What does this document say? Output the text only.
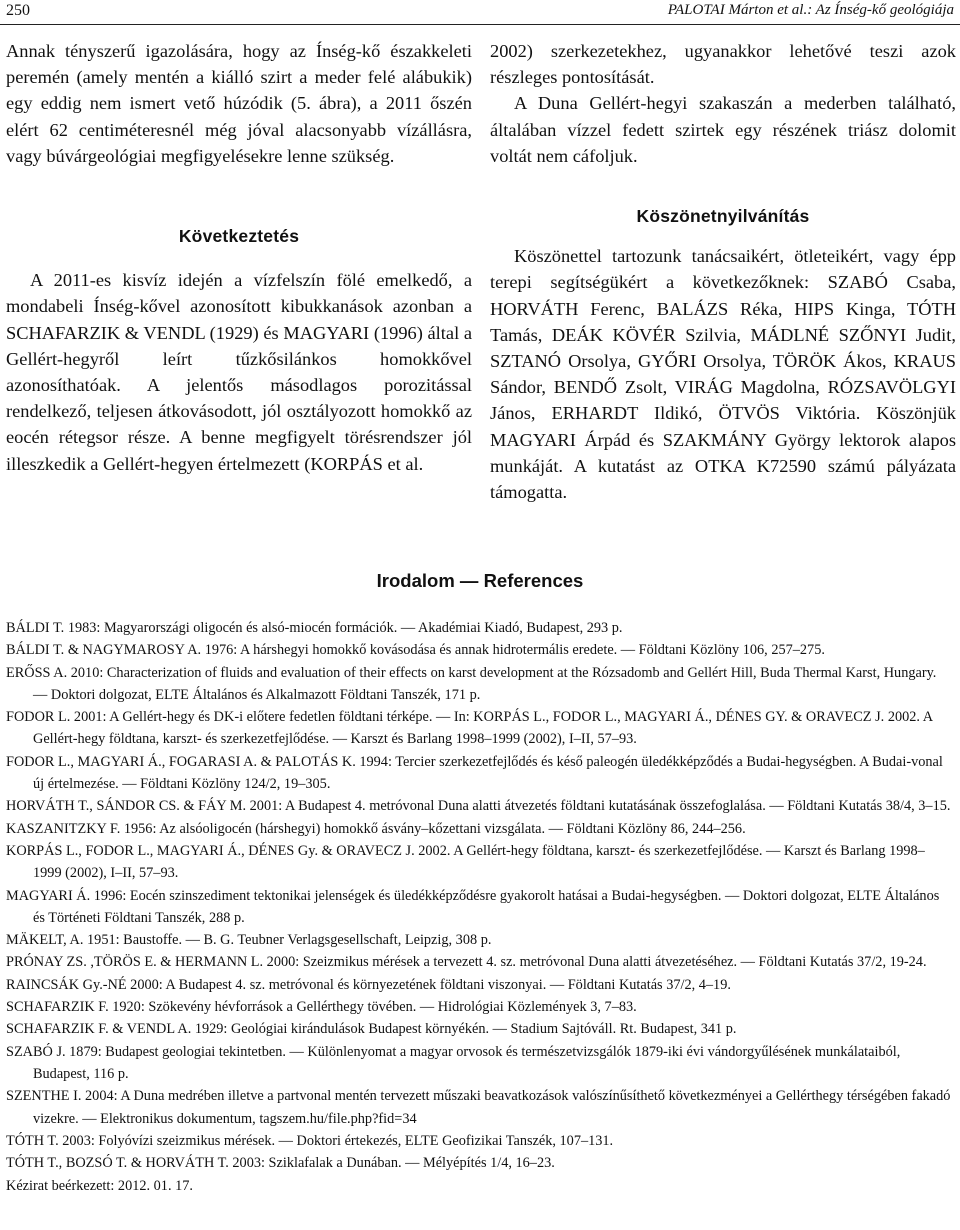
250	PALOTAI Márton et al.: Az Ínség-kő geológiája

Annak tényszerű igazolására, hogy az Ínség-kő északkeleti peremén (amely mentén a kiálló szirt a meder felé alábukik) egy eddig nem ismert vető húzódik (5. ábra), a 2011 őszén elért 62 centiméteresnél még jóval alacsonyabb vízállásra, vagy búvárgeológiai megfigyelésekre lenne szükség.

Következtetés

A 2011-es kisvíz idején a vízfelszín fölé emelkedő, a mondabeli Ínség-kővel azonosított kibukkanások azonban a SCHAFARZIK & VENDL (1929) és MAGYARI (1996) által a Gellért-hegyről leírt tűzkősilánkos homokkővel azonosíthatóak. A jelentős másodlagos porozitással rendelkező, teljesen átkovásodott, jól osztályozott homokkő az eocén rétegsor része. A benne megfigyelt törésrendszer jól illeszkedik a Gellért-hegyen értelmezett (KORPÁS et al.

2002) szerkezetekhez, ugyanakkor lehetővé teszi azok részleges pontosítását.

A Duna Gellért-hegyi szakaszán a mederben található, általában vízzel fedett szirtek egy részének triász dolomit voltát nem cáfoljuk.

Köszönetnyilvánítás

Köszönettel tartozunk tanácsaikért, ötleteikért, vagy épp terepi segítségükért a következőknek: SZABÓ Csaba, HORVÁTH Ferenc, BALÁZS Réka, HIPS Kinga, TÓTH Tamás, DEÁK KÖVÉR Szilvia, MÁDLNÉ SZŐNYI Judit, SZTANÓ Orsolya, GYŐRI Orsolya, TÖRÖK Ákos, KRAUS Sándor, BENDŐ Zsolt, VIRÁG Magdolna, RÓZSAVÖLGYI János, ERHARDT Ildikó, ÖTVÖS Viktória. Köszönjük MAGYARI Árpád és SZAKMÁNY György lektorok alapos munkáját. A kutatást az OTKA K72590 számú pályázata támogatta.

Irodalom — References
BÁLDI T. 1983: Magyarországi oligocén és alsó-miocén formációk. — Akadémiai Kiadó, Budapest, 293 p.
BÁLDI T. & NAGYMAROSY A. 1976: A hárshegyi homokkő kovásodása és annak hidrotermális eredete. — Földtani Közlöny 106, 257–275.
ERŐSS A. 2010: Characterization of fluids and evaluation of their effects on karst development at the Rózsadomb and Gellért Hill, Buda Thermal Karst, Hungary. — Doktori dolgozat, ELTE Általános és Alkalmazott Földtani Tanszék, 171 p.
FODOR L. 2001: A Gellért-hegy és DK-i előtere fedetlen földtani térképe. — In: KORPÁS L., FODOR L., MAGYARI Á., DÉNES GY. & ORAVECZ J. 2002. A Gellért-hegy földtana, karszt- és szerkezetfejlődése. — Karszt és Barlang 1998–1999 (2002), I–II, 57–93.
FODOR L., MAGYARI Á., FOGARASI A. & PALOTÁS K. 1994: Tercier szerkezetfejlődés és késő paleogén üledékképződés a Budai-hegységben. A Budai-vonal új értelmezése. — Földtani Közlöny 124/2, 19–305.
HORVÁTH T., SÁNDOR CS. & FÁY M. 2001: A Budapest 4. metróvonal Duna alatti átvezetés földtani kutatásának összefoglalása. — Földtani Kutatás 38/4, 3–15.
KASZANITZKY F. 1956: Az alsóoligocén (hárshegyi) homokkő ásvány–kőzettani vizsgálata. — Földtani Közlöny 86, 244–256.
KORPÁS L., FODOR L., MAGYARI Á., DÉNES Gy. & ORAVECZ J. 2002. A Gellért-hegy földtana, karszt- és szerkezetfejlődése. — Karszt és Barlang 1998–1999 (2002), I–II, 57–93.
MAGYARI Á. 1996: Eocén szinszediment tektonikai jelenségek és üledékképződésre gyakorolt hatásai a Budai-hegységben. — Doktori dolgozat, ELTE Általános és Történeti Földtani Tanszék, 288 p.
MÄKELT, A. 1951: Baustoffe. — B. G. Teubner Verlagsgesellschaft, Leipzig, 308 p.
PRÓNAY ZS. ,TÖRÖS E. & HERMANN L. 2000: Szeizmikus mérések a tervezett 4. sz. metróvonal Duna alatti átvezetéséhez. — Földtani Kutatás 37/2, 19-24.
RAINCSÁK Gy.-NÉ 2000: A Budapest 4. sz. metróvonal és környezetének földtani viszonyai. — Földtani Kutatás 37/2, 4–19.
SCHAFARZIK F. 1920: Szökevény hévforrások a Gellérthegy tövében. — Hidrológiai Közlemények 3, 7–83.
SCHAFARZIK F. & VENDL A. 1929: Geológiai kirándulások Budapest környékén. — Stadium Sajtóváll. Rt. Budapest, 341 p.
SZABÓ J. 1879: Budapest geologiai tekintetben. — Különlenyomat a magyar orvosok és természetvizsgálók 1879-iki évi vándorgyűlésének munkálataiból, Budapest, 116 p.
SZENTHE I. 2004: A Duna medrében illetve a partvonal mentén tervezett műszaki beavatkozások valószínűsíthető következményei a Gellérthegy térségében fakadó vizekre. — Elektronikus dokumentum, tagszem.hu/file.php?fid=34
TÓTH T. 2003: Folyóvízi szeizmikus mérések. — Doktori értekezés, ELTE Geofizikai Tanszék, 107–131.
TÓTH T., BOZSÓ T. & HORVÁTH T. 2003: Sziklafalak a Dunában. — Mélyépítés 1/4, 16–23.
Kézirat beérkezett: 2012. 01. 17.
